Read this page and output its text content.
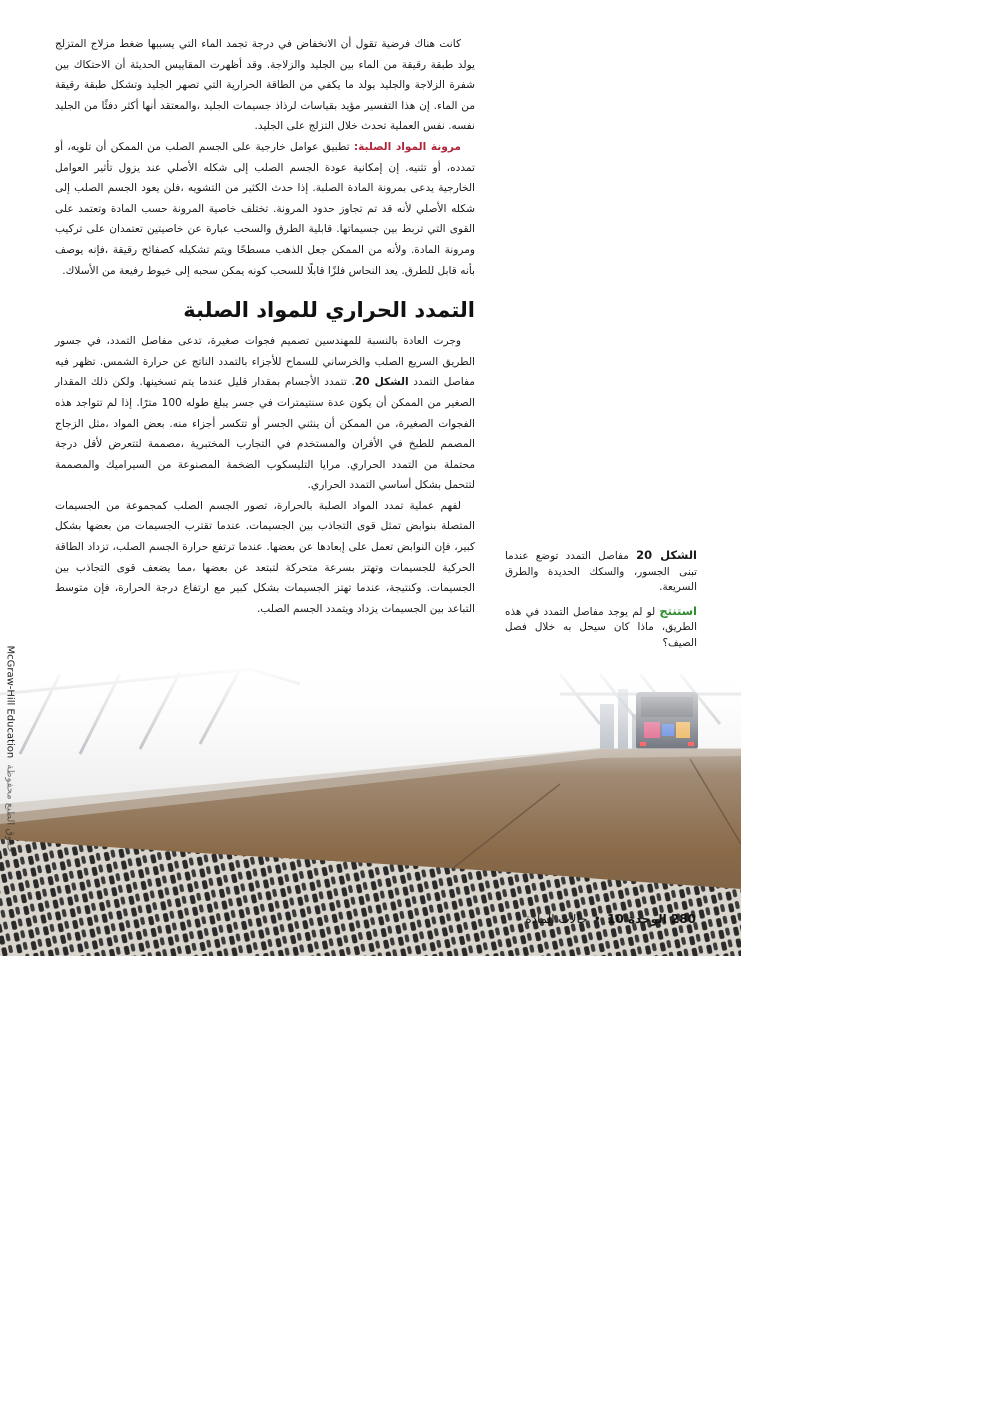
كانت هناك فرضية تقول أن الانخفاض في درجة تجمد الماء التي يسببها ضغط مزلاج المتزلج يولد طبقة رقيقة من الماء بين الجليد والزلاجة. وقد أظهرت المقاييس الحديثة أن الاحتكاك بين شفرة الزلاجة والجليد يولد ما يكفي من الطاقة الحرارية التي تصهر الجليد وتشكل طبقة رقيقة من الماء. إن هذا التفسير مؤيد بقياسات لرذاذ جسيمات الجليد ،والمعتقد أنها أكثر دفئًا من الجليد نفسه. نفس العملية تحدث خلال التزلج على الجليد.

مرونة المواد الصلبة: تطبيق عوامل خارجية على الجسم الصلب من الممكن أن تلويه، أو تمدده، أو تثنيه. إن إمكانية عودة الجسم الصلب إلى شكله الأصلي عند يزول تأثير العوامل الخارجية يدعى بمرونة المادة الصلبة. إذا حدث الكثير من التشويه ،فلن يعود الجسم الصلب إلى شكله الأصلي لأنه قد تم تجاوز حدود المرونة. تختلف خاصية المرونة حسب المادة وتعتمد على القوى التي تربط بين جسيماتها. قابلية الطرق والسحب عبارة عن خاصيتين تعتمدان على تركيب ومرونة المادة. ولأنه من الممكن جعل الذهب مسطحًا ويتم تشكيله كصفائح رقيقة ،فإنه يوصف بأنه قابل للطرق. يعد النحاس فلزًا قابلًا للسحب كونه يمكن سحبه إلى خيوط رفيعة من الأسلاك.

التمدد الحراري للمواد الصلبة

وجرت العادة بالنسبة للمهندسين تصميم فجوات صغيرة، تدعى مفاصل التمدد، في جسور الطريق السريع الصلب والخرساني للسماح للأجزاء بالتمدد الناتج عن حرارة الشمس. تظهر فيه مفاصل التمدد الشكل 20. تتمدد الأجسام بمقدار قليل عندما يتم تسخينها. ولكن ذلك المقدار الصغير من الممكن أن يكون عدة سنتيمترات في جسر يبلغ طوله 100 مترًا. إذا لم تتواجد هذه الفجوات الصغيرة، من الممكن أن ينثني الجسر أو تتكسر أجزاء منه. بعض المواد ،مثل الزجاج المصمم للطبخ في الأفران والمستخدم في التجارب المختبرية ،مصممة لتتعرض لأقل درجة محتملة من التمدد الحراري. مرايا التليسكوب الضخمة المصنوعة من السيراميك والمصممة لتتحمل بشكل أساسي التمدد الحراري.

لفهم عملية تمدد المواد الصلبة بالحرارة، تصور الجسم الصلب كمجموعة من الجسيمات المتصلة بنوابض تمثل قوى التجاذب بين الجسيمات. عندما تقترب الجسيمات من بعضها بشكل كبير، فإن النوابض تعمل على إبعادها عن بعضها. عندما ترتفع حرارة الجسم الصلب، تزداد الطاقة الحركية للجسيمات وتهتز بسرعة متحركة لتبتعد عن بعضها ،مما يضعف قوى التجاذب بين الجسيمات. وكنتيجة، عندما تهتز الجسيمات بشكل كبير مع ارتفاع درجة الحرارة، فإن متوسط التباعد بين الجسيمات يزداد ويتمدد الجسم الصلب.

الشكل 20 مفاصل التمدد توضع عندما تبنى الجسور، والسكك الحديدة والطرق السريعة.

استنتج لو لم يوجد مفاصل التمدد في هذه الطريق، ماذا كان سيحل به خلال فصل الصيف؟

280 الوحدة 10 • حالات المادة
McGraw-Hill Educationحقوق الطبع محفوظة
